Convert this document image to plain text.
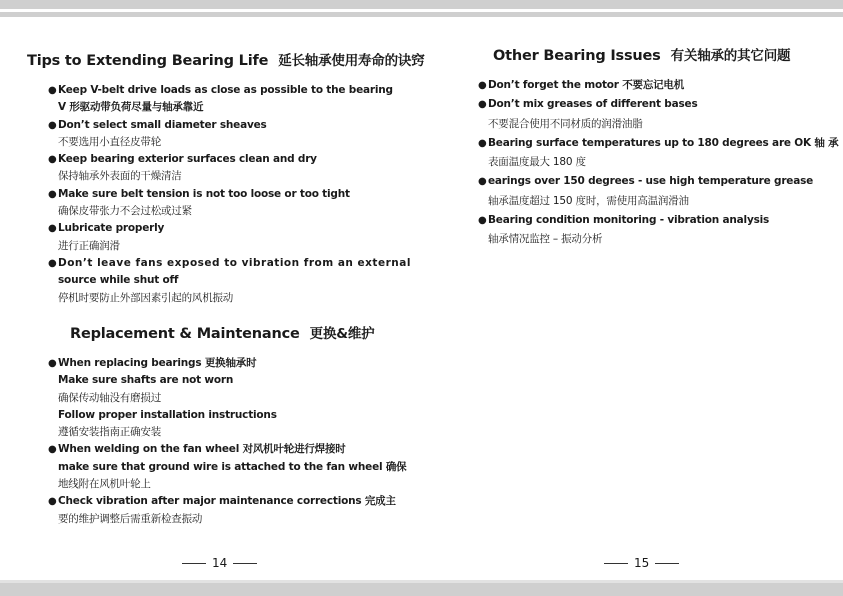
Tips to Extending Bearing Life 延长轴承使用寿命的诀窍
●Keep V-belt drive loads as close as possible to the bearing
V 形驱动带负荷尽量与轴承靠近
●Don’t select small diameter sheaves
不要选用小直径皮带轮
●Keep bearing exterior surfaces clean and dry
保持轴承外表面的干燥清洁
●Make sure belt tension is not too loose or too tight
确保皮带张力不会过松或过紧
●Lubricate properly
进行正确润滑
●Don’t leave fans exposed to vibration from an external
source while shut off
停机时要防止外部因素引起的风机振动
Replacement & Maintenance 更换&维护
●When replacing bearings 更换轴承时
Make sure shafts are not worn
确保传动轴没有磨损过
Follow proper installation instructions
遵循安装指南正确安装
●When welding on the fan wheel 对风机叶轮进行焊接时
make sure that ground wire is attached to the fan wheel 确保
地线附在风机叶轮上
●Check vibration after major maintenance corrections 完成主
要的维护调整后需重新检查振动
14
Other Bearing Issues 有关轴承的其它问题
●Don’t forget the motor 不要忘记电机
●Don’t mix greases of different bases
不要混合使用不同材质的润滑油脂
●Bearing surface temperatures up to 180 degrees are OK 轴 承
表面温度最大 180 度
●earings over 150 degrees - use high temperature grease
轴承温度超过 150 度时，需使用高温润滑油
●Bearing condition monitoring - vibration analysis
轴承情况监控 – 振动分析
15
